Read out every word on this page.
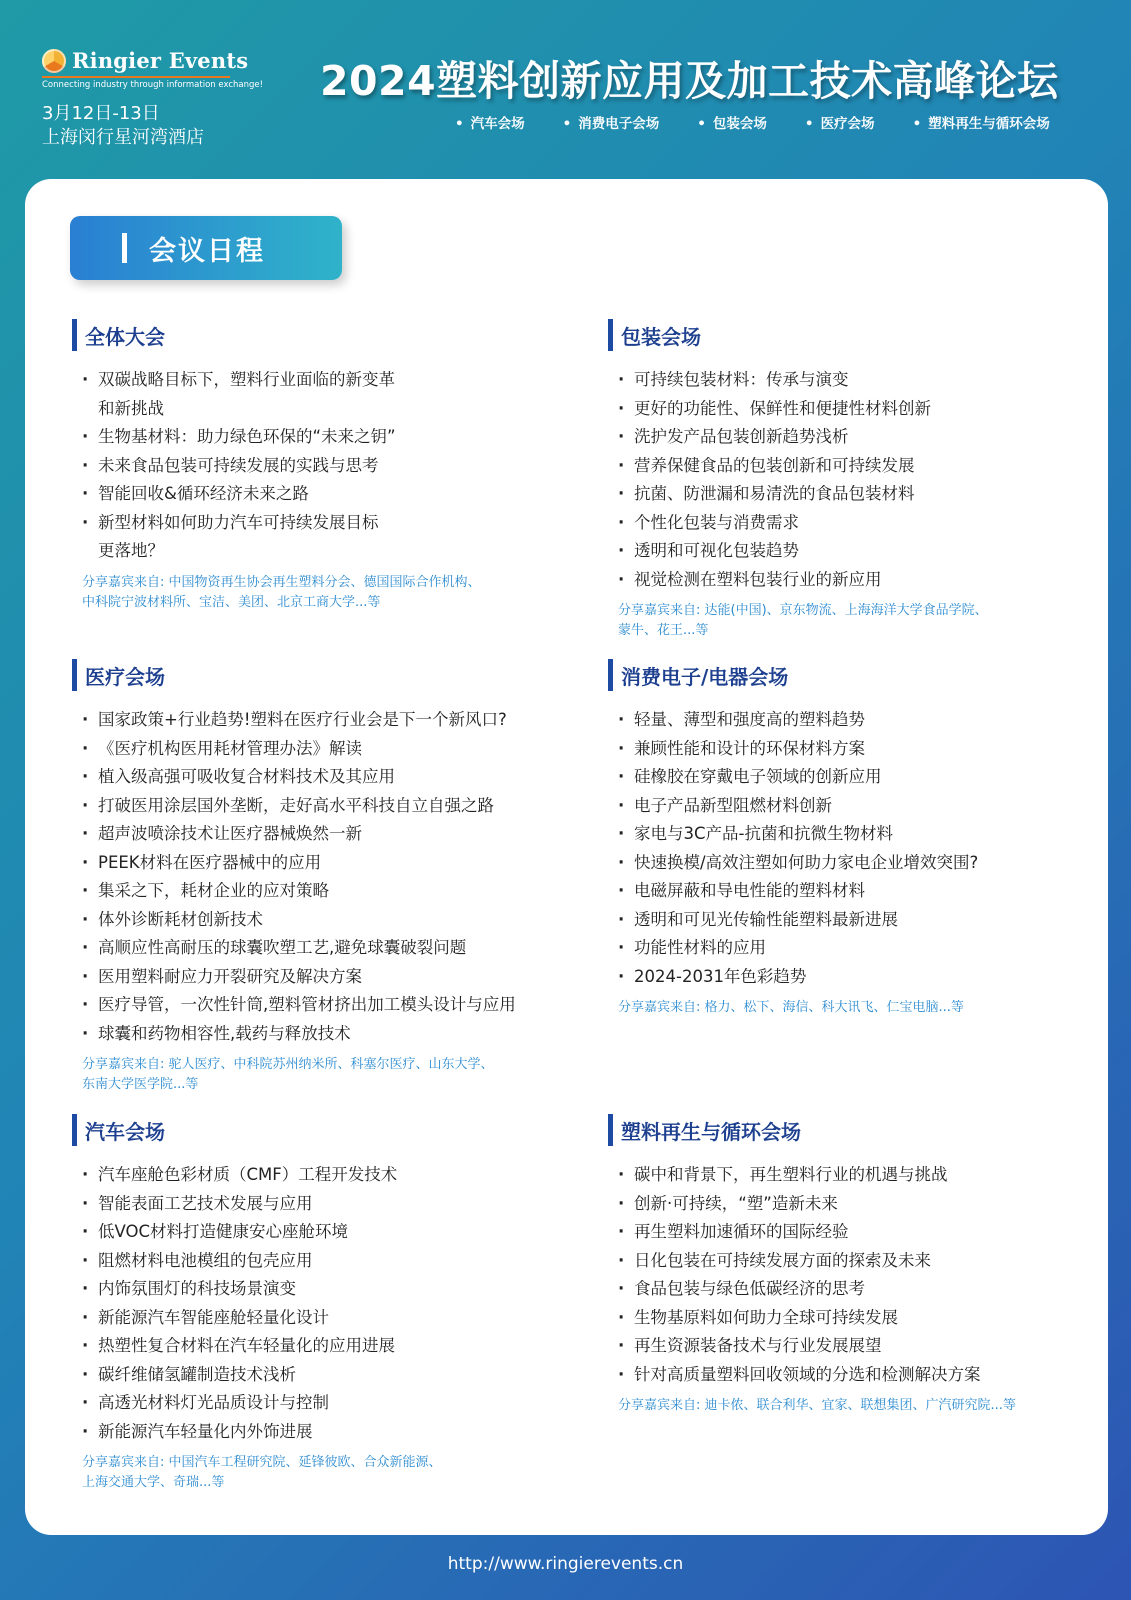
Ringier Events
Connecting industry through information exchange!
3月12日-13日
上海闵行星河湾酒店
2024塑料创新应用及加工技术高峰论坛
• 汽车会场	• 消费电子会场	• 包装会场	• 医疗会场	• 塑料再生与循环会场
会议日程
全体大会
· 双碳战略目标下，塑料行业面临的新变革
和新挑战
· 生物基材料：助力绿色环保的“未来之钥”
· 未来食品包装可持续发展的实践与思考
· 智能回收&循环经济未来之路
· 新型材料如何助力汽车可持续发展目标
更落地？
分享嘉宾来自: 中国物资再生协会再生塑料分会、德国国际合作机构、
中科院宁波材料所、宝洁、美团、北京工商大学...等
包装会场
· 可持续包装材料：传承与演变
· 更好的功能性、保鲜性和便捷性材料创新
· 洗护发产品包装创新趋势浅析
· 营养保健食品的包装创新和可持续发展
· 抗菌、防泄漏和易清洗的食品包装材料
· 个性化包装与消费需求
· 透明和可视化包装趋势
· 视觉检测在塑料包装行业的新应用
分享嘉宾来自: 达能(中国)、京东物流、上海海洋大学食品学院、
蒙牛、花王...等
医疗会场
· 国家政策+行业趋势!塑料在医疗行业会是下一个新风口?
· 《医疗机构医用耗材管理办法》解读
· 植入级高强可吸收复合材料技术及其应用
· 打破医用涂层国外垄断，走好高水平科技自立自强之路
· 超声波喷涂技术让医疗器械焕然一新
· PEEK材料在医疗器械中的应用
· 集采之下，耗材企业的应对策略
· 体外诊断耗材创新技术
· 高顺应性高耐压的球囊吹塑工艺,避免球囊破裂问题
· 医用塑料耐应力开裂研究及解决方案
· 医疗导管，一次性针筒,塑料管材挤出加工模头设计与应用
· 球囊和药物相容性,载药与释放技术
分享嘉宾来自: 驼人医疗、中科院苏州纳米所、科塞尔医疗、山东大学、
东南大学医学院...等
消费电子/电器会场
· 轻量、薄型和强度高的塑料趋势
· 兼顾性能和设计的环保材料方案
· 硅橡胶在穿戴电子领域的创新应用
· 电子产品新型阻燃材料创新
· 家电与3C产品-抗菌和抗微生物材料
· 快速换模/高效注塑如何助力家电企业增效突围?
· 电磁屏蔽和导电性能的塑料材料
· 透明和可见光传输性能塑料最新进展
· 功能性材料的应用
· 2024-2031年色彩趋势
分享嘉宾来自: 格力、松下、海信、科大讯飞、仁宝电脑...等
汽车会场
· 汽车座舱色彩材质（CMF）工程开发技术
· 智能表面工艺技术发展与应用
· 低VOC材料打造健康安心座舱环境
· 阻燃材料电池模组的包壳应用
· 内饰氛围灯的科技场景演变
· 新能源汽车智能座舱轻量化设计
· 热塑性复合材料在汽车轻量化的应用进展
· 碳纤维储氢罐制造技术浅析
· 高透光材料灯光品质设计与控制
· 新能源汽车轻量化内外饰进展
分享嘉宾来自: 中国汽车工程研究院、延锋彼欧、合众新能源、
上海交通大学、奇瑞...等
塑料再生与循环会场
· 碳中和背景下，再生塑料行业的机遇与挑战
· 创新·可持续，“塑”造新未来
· 再生塑料加速循环的国际经验
· 日化包装在可持续发展方面的探索及未来
· 食品包装与绿色低碳经济的思考
· 生物基原料如何助力全球可持续发展
· 再生资源装备技术与行业发展展望
· 针对高质量塑料回收领域的分选和检测解决方案
分享嘉宾来自: 迪卡侬、联合利华、宜家、联想集团、广汽研究院...等
http://www.ringierevents.cn
